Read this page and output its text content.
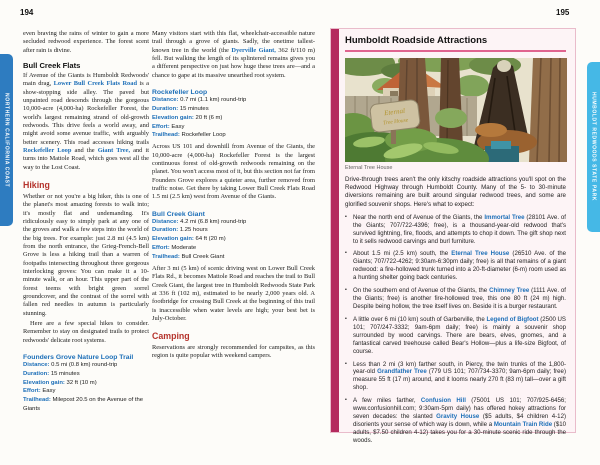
194	195
NORTHERN CALIFORNIA COAST	HUMBOLDT REDWOODS STATE PARK

even braving the rains of winter to gain a more secluded redwood experience. The forest scent after rain is divine.

Bull Creek Flats

If Avenue of the Giants is Humboldt Redwoods' main drag, Lower Bull Creek Flats Road is a show-stopping side alley. The paved but unpainted road descends through the gorgeous 10,000-acre (4,000-ha) Rockefeller Forest, the world's largest remaining strand of old-growth redwoods. This drive feels a world away, and might avoid some avenue traffic, with arguably better scenery. This road accesses hiking trails Rockefeller Loop and the Giant Tree, and it turns into Mattole Road, which goes west all the way to the Lost Coast.

Hiking

Whether or not you're a big hiker, this is one of the planet's most amazing forests to walk into; it's mostly flat and undemanding. It's ridiculously easy to simply park at any one of the groves and walk a few steps into the world of the big trees. For example: just 2.8 mi (4.5 km) from the north entrance, the Grieg-French-Bell Grove is less a hiking trail than a warren of footpaths intersecting throughout three gorgeous interlocking groves: You can make it a 10-minute walk, or an hour. This upper part of the forest teems with bright green sorrel groundcover, and the contrast of the sorrel with fallen red needles in autumn is particularly stunning.

Here are a few special hikes to consider. Remember to stay on designated trails to protect redwoods' delicate root systems.

Founders Grove Nature Loop Trail
Distance: 0.5 mi (0.8 km) round-trip
Duration: 15 minutes
Elevation gain: 32 ft (10 m)
Effort: Easy
Trailhead: Milepost 20.5 on the Avenue of the Giants

Many visitors start with this flat, wheelchair-accessible nature trail through a grove of giants. Sadly, the onetime tallest-known tree in the world (the Dyerville Giant, 362 ft/110 m) fell. But walking the length of its splintered remains gives you a different perspective on just how huge these trees are—and a chance to gape at its massive unearthed root system.

Rockefeller Loop
Distance: 0.7 mi (1.1 km) round-trip
Duration: 15 minutes
Elevation gain: 20 ft (6 m)
Effort: Easy
Trailhead: Rockefeller Loop

Across US 101 and downhill from Avenue of the Giants, the 10,000-acre (4,000-ha) Rockefeller Forest is the largest continuous forest of old-growth redwoods remaining on the planet. You won't access most of it, but this section not far from Founders Grove explores a quieter area, further removed from traffic noise. Get there by taking Lower Bull Creek Flats Road 1.5 mi (2.5 km) west from Avenue of the Giants.

Bull Creek Giant
Distance: 4.2 mi (6.8 km) round-trip
Duration: 1.25 hours
Elevation gain: 64 ft (20 m)
Effort: Moderate
Trailhead: Bull Creek Giant

After 3 mi (5 km) of scenic driving west on Lower Bull Creek Flats Rd., it becomes Mattole Road and reaches the trail to Bull Creek Giant, the largest tree in Humboldt Redwoods State Park at 336 ft (102 m), estimated to be nearly 2,000 years old. A footbridge for crossing Bull Creek at the beginning of this trail is inaccessible when water levels are high; your best bet is July-October.

Camping

Reservations are strongly recommended for campsites, as this region is quite popular with weekend campers.

Humboldt Roadside Attractions
Eternal
Tree House
Eternal Tree House
Drive-through trees aren't the only kitschy roadside attractions you'll spot on the Redwood Highway through Humboldt County. Many of the 5- to 30-minute diversions remaining are built around singular redwood trees, and some are glorified souvenir shops. Here's what to expect:
▪ Near the north end of Avenue of the Giants, the Immortal Tree (28101 Ave. of the Giants; 707/722-4396; free), is a thousand-year-old redwood that's survived lightning, fire, floods, and attempts to chop it down. The gift shop next to it sells redwood carvings and burl furniture.
▪ About 1.5 mi (2.5 km) south, the Eternal Tree House (26510 Ave. of the Giants; 707/722-4262; 9:30am-6:30pm daily; free) is all that remains of a giant redwood: a fire-hollowed trunk turned into a 20-ft-diameter (6-m) room used as a hunting shelter going back centuries.
▪ On the southern end of Avenue of the Giants, the Chimney Tree (1111 Ave. of the Giants; free) is another fire-hollowed tree, this one 80 ft (24 m) high. Despite being hollow, the tree itself lives on. Beside it is a burger restaurant.
▪ A little over 6 mi (10 km) south of Garberville, the Legend of Bigfoot (2500 US 101; 707/247-3332; 9am-6pm daily; free) is mainly a souvenir shop surrounded by wood carvings. There are bears, elves, gnomes, and a fantastical carved treehouse called Bear's Hollow—plus a life-size Bigfoot, of course.
▪ Less than 2 mi (3 km) farther south, in Piercy, the twin trunks of the 1,800-year-old Grandfather Tree (779 US 101; 707/734-3370; 9am-6pm daily; free) measure 55 ft (17 m) around, and it looms nearly 270 ft (83 m) tall—over a gift shop.
▪ A few miles farther, Confusion Hill (75001 US 101; 707/925-6456; www.confusionhill.com; 9:30am-5pm daily) has offered hokey attractions for seven decades: the slanted Gravity House ($5 adults, $4 children 4-12) disorients your sense of which way is down, while a Mountain Train Ride ($10 adults, $7.50 children 4-12) takes you for a 30-minute scenic ride through the woods.
